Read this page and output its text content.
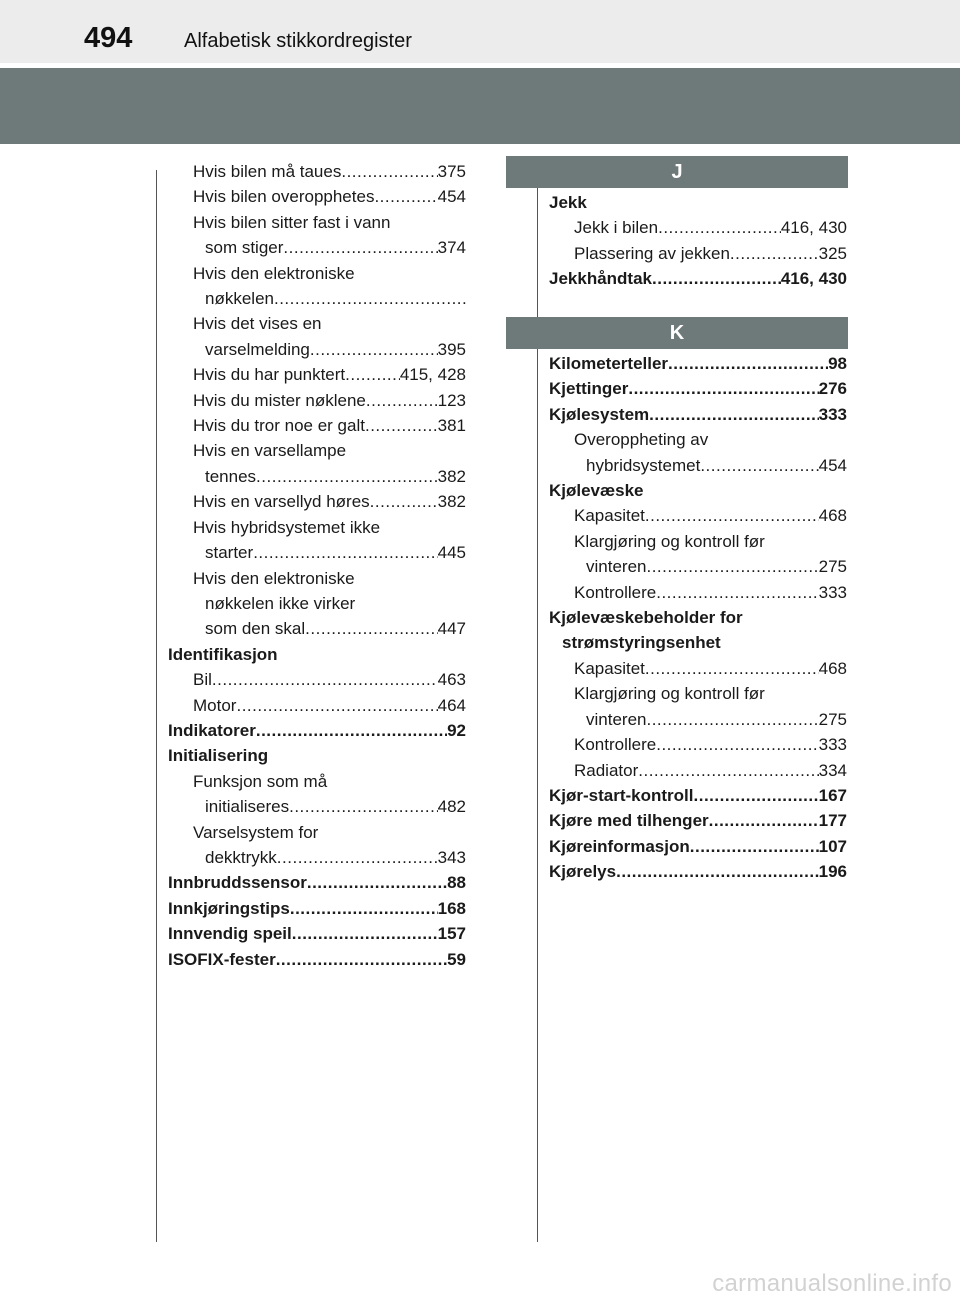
494	Alfabetisk stikkordregister
Hvis bilen må taues .....	375
Hvis bilen overopphetes .....	454
Hvis bilen sitter fast i vann
som stiger .....	374
Hvis den elektroniske
nøkkelen
.....
Hvis det vises en
varselmelding .....	395
Hvis du har punktert .....	415, 428
Hvis du mister nøklene .....	123
Hvis du tror noe er galt .....	381
Hvis en varsellampe
tennes .....	382
Hvis en varsellyd høres .....	382
Hvis hybridsystemet ikke
starter .....	445
Hvis den elektroniske
nøkkelen ikke virker
som den skal .....	447
Identifikasjon
Bil .....	463
Motor .....	464
Indikatorer .....	92
Initialisering
Funksjon som må
initialiseres .....	482
Varselsystem for
dekktrykk .....	343
Innbruddssensor .....	88
Innkjøringstips .....	168
Innvendig speil .....	157
ISOFIX-fester .....	59
J
Jekk
Jekk i bilen .....	416, 430
Plassering av jekken .....	325
Jekkhåndtak .....	416, 430
K
Kilometerteller .....	98
Kjettinger .....	276
Kjølesystem .....	333
Overoppheting av
hybridsystemet .....	454
Kjølevæske
Kapasitet .....	468
Klargjøring og kontroll før
vinteren .....	275
Kontrollere .....	333
Kjølevæskebeholder for
strømstyringsenhet
Kapasitet .....	468
Klargjøring og kontroll før
vinteren .....	275
Kontrollere .....	333
Radiator .....	334
Kjør-start-kontroll .....	167
Kjøre med tilhenger .....	177
Kjøreinformasjon .....	107
Kjørelys .....	196
carmanualsonline.info
